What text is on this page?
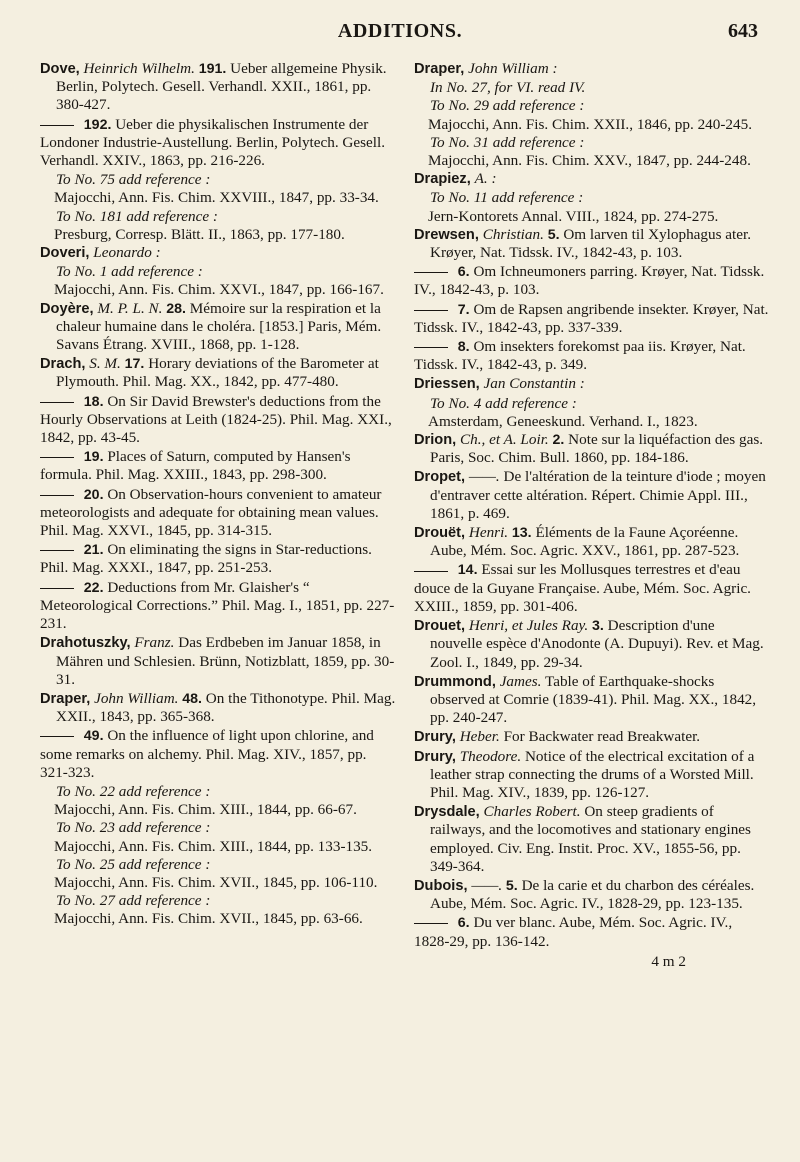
ADDITIONS.	643

Dove, Heinrich Wilhelm. 191. Ueber allgemeine Physik. Berlin, Polytech. Gesell. Verhandl. XXII., 1861, pp. 380-427.

192. Ueber die physikalischen Instrumente der Londoner Industrie-Austellung. Berlin, Polytech. Gesell. Verhandl. XXIV., 1863, pp. 216-226.

To No. 75 add reference :
Majocchi, Ann. Fis. Chim. XXVIII., 1847, pp. 33-34.
To No. 181 add reference :
Presburg, Corresp. Blätt. II., 1863, pp. 177-180.

Doveri, Leonardo :

To No. 1 add reference :
Majocchi, Ann. Fis. Chim. XXVI., 1847, pp. 166-167.

Doyère, M. P. L. N. 28. Mémoire sur la respiration et la chaleur humaine dans le choléra. [1853.] Paris, Mém. Savans Étrang. XVIII., 1868, pp. 1-128.

Drach, S. M. 17. Horary deviations of the Barometer at Plymouth. Phil. Mag. XX., 1842, pp. 477-480.

18. On Sir David Brewster's deductions from the Hourly Observations at Leith (1824-25). Phil. Mag. XXI., 1842, pp. 43-45.

19. Places of Saturn, computed by Hansen's formula. Phil. Mag. XXIII., 1843, pp. 298-300.

20. On Observation-hours convenient to amateur meteorologists and adequate for obtaining mean values. Phil. Mag. XXVI., 1845, pp. 314-315.

21. On eliminating the signs in Star-reductions. Phil. Mag. XXXI., 1847, pp. 251-253.

22. Deductions from Mr. Glaisher's “ Meteorological Corrections.” Phil. Mag. I., 1851, pp. 227-231.

Drahotuszky, Franz. Das Erdbeben im Januar 1858, in Mähren und Schlesien. Brünn, Notizblatt, 1859, pp. 30-31.

Draper, John William. 48. On the Tithonotype. Phil. Mag. XXII., 1843, pp. 365-368.

49. On the influence of light upon chlorine, and some remarks on alchemy. Phil. Mag. XIV., 1857, pp. 321-323.

To No. 22 add reference :
Majocchi, Ann. Fis. Chim. XIII., 1844, pp. 66-67.
To No. 23 add reference :
Majocchi, Ann. Fis. Chim. XIII., 1844, pp. 133-135.
To No. 25 add reference :
Majocchi, Ann. Fis. Chim. XVII., 1845, pp. 106-110.
To No. 27 add reference :
Majocchi, Ann. Fis. Chim. XVII., 1845, pp. 63-66.

Draper, John William :

In No. 27, for VI. read IV.
To No. 29 add reference :
Majocchi, Ann. Fis. Chim. XXII., 1846, pp. 240-245.
To No. 31 add reference :
Majocchi, Ann. Fis. Chim. XXV., 1847, pp. 244-248.

Drapiez, A. :

To No. 11 add reference :
Jern-Kontorets Annal. VIII., 1824, pp. 274-275.

Drewsen, Christian. 5. Om larven til Xylophagus ater. Krøyer, Nat. Tidssk. IV., 1842-43, p. 103.

6. Om Ichneumoners parring. Krøyer, Nat. Tidssk. IV., 1842-43, p. 103.

7. Om de Rapsen angribende insekter. Krøyer, Nat. Tidssk. IV., 1842-43, pp. 337-339.

8. Om insekters forekomst paa iis. Krøyer, Nat. Tidssk. IV., 1842-43, p. 349.

Driessen, Jan Constantin :

To No. 4 add reference :
Amsterdam, Geneeskund. Verhand. I., 1823.

Drion, Ch., et A. Loir. 2. Note sur la liquéfaction des gas. Paris, Soc. Chim. Bull. 1860, pp. 184-186.

Dropet, ——. De l'altération de la teinture d'iode ; moyen d'entraver cette altération. Répert. Chimie Appl. III., 1861, p. 469.

Drouët, Henri. 13. Éléments de la Faune Açoréenne. Aube, Mém. Soc. Agric. XXV., 1861, pp. 287-523.

14. Essai sur les Mollusques terrestres et d'eau douce de la Guyane Française. Aube, Mém. Soc. Agric. XXIII., 1859, pp. 301-406.

Drouet, Henri, et Jules Ray. 3. Description d'une nouvelle espèce d'Anodonte (A. Dupuyi). Rev. et Mag. Zool. I., 1849, pp. 29-34.

Drummond, James. Table of Earthquake-shocks observed at Comrie (1839-41). Phil. Mag. XX., 1842, pp. 240-247.

Drury, Heber. For Backwater read Breakwater.

Drury, Theodore. Notice of the electrical excitation of a leather strap connecting the drums of a Worsted Mill. Phil. Mag. XIV., 1839, pp. 126-127.

Drysdale, Charles Robert. On steep gradients of railways, and the locomotives and stationary engines employed. Civ. Eng. Instit. Proc. XV., 1855-56, pp. 349-364.

Dubois, ——. 5. De la carie et du charbon des céréales. Aube, Mém. Soc. Agric. IV., 1828-29, pp. 123-135.

6. Du ver blanc. Aube, Mém. Soc. Agric. IV., 1828-29, pp. 136-142.

4 m 2
